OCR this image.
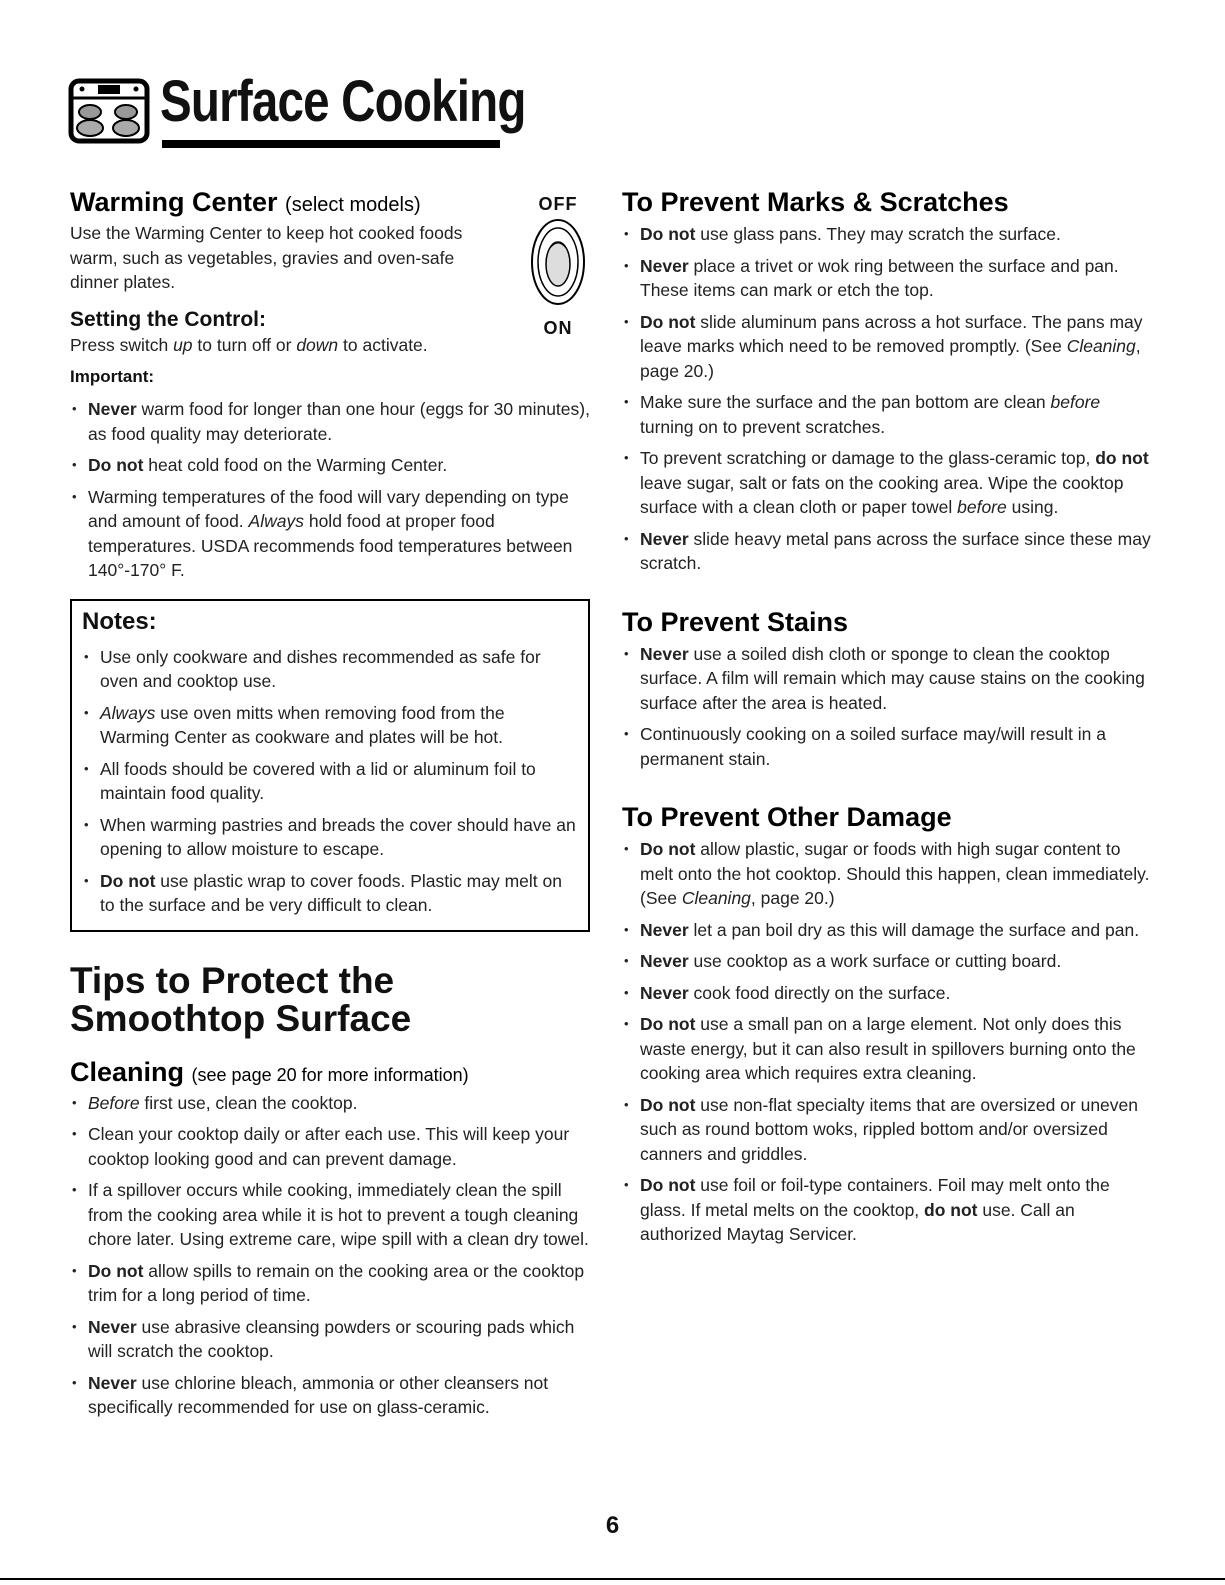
Surface Cooking
Warming Center (select models)
Use the Warming Center to keep hot cooked foods warm, such as vegetables, gravies and oven-safe dinner plates.
OFF
ON
Setting the Control:
Press switch up to turn off or down to activate.
Important:
• Never warm food for longer than one hour (eggs for 30 minutes), as food quality may deteriorate.
• Do not heat cold food on the Warming Center.
• Warming temperatures of the food will vary depending on type and amount of food. Always hold food at proper food temperatures. USDA recommends food temperatures between 140°-170° F.
Notes:
• Use only cookware and dishes recommended as safe for oven and cooktop use.
• Always use oven mitts when removing food from the Warming Center as cookware and plates will be hot.
• All foods should be covered with a lid or aluminum foil to maintain food quality.
• When warming pastries and breads the cover should have an opening to allow moisture to escape.
• Do not use plastic wrap to cover foods. Plastic may melt on to the surface and be very difficult to clean.
Tips to Protect the
Smoothtop Surface
Cleaning (see page 20 for more information)
• Before first use, clean the cooktop.
• Clean your cooktop daily or after each use. This will keep your cooktop looking good and can prevent damage.
• If a spillover occurs while cooking, immediately clean the spill from the cooking area while it is hot to prevent a tough cleaning chore later. Using extreme care, wipe spill with a clean dry towel.
• Do not allow spills to remain on the cooking area or the cooktop trim for a long period of time.
• Never use abrasive cleansing powders or scouring pads which will scratch the cooktop.
• Never use chlorine bleach, ammonia or other cleansers not specifically recommended for use on glass-ceramic.
To Prevent Marks & Scratches
• Do not use glass pans. They may scratch the surface.
• Never place a trivet or wok ring between the surface and pan. These items can mark or etch the top.
• Do not slide aluminum pans across a hot surface. The pans may leave marks which need to be removed promptly. (See Cleaning, page 20.)
• Make sure the surface and the pan bottom are clean before turning on to prevent scratches.
• To prevent scratching or damage to the glass-ceramic top, do not leave sugar, salt or fats on the cooking area. Wipe the cooktop surface with a clean cloth or paper towel before using.
• Never slide heavy metal pans across the surface since these may scratch.
To Prevent Stains
• Never use a soiled dish cloth or sponge to clean the cooktop surface. A film will remain which may cause stains on the cooking surface after the area is heated.
• Continuously cooking on a soiled surface may/will result in a permanent stain.
To Prevent Other Damage
• Do not allow plastic, sugar or foods with high sugar content to melt onto the hot cooktop. Should this happen, clean immediately. (See Cleaning, page 20.)
• Never let a pan boil dry as this will damage the surface and pan.
• Never use cooktop as a work surface or cutting board.
• Never cook food directly on the surface.
• Do not use a small pan on a large element. Not only does this waste energy, but it can also result in spillovers burning onto the cooking area which requires extra cleaning.
• Do not use non-flat specialty items that are oversized or uneven such as round bottom woks, rippled bottom and/or oversized canners and griddles.
• Do not use foil or foil-type containers. Foil may melt onto the glass. If metal melts on the cooktop, do not use. Call an authorized Maytag Servicer.
6
